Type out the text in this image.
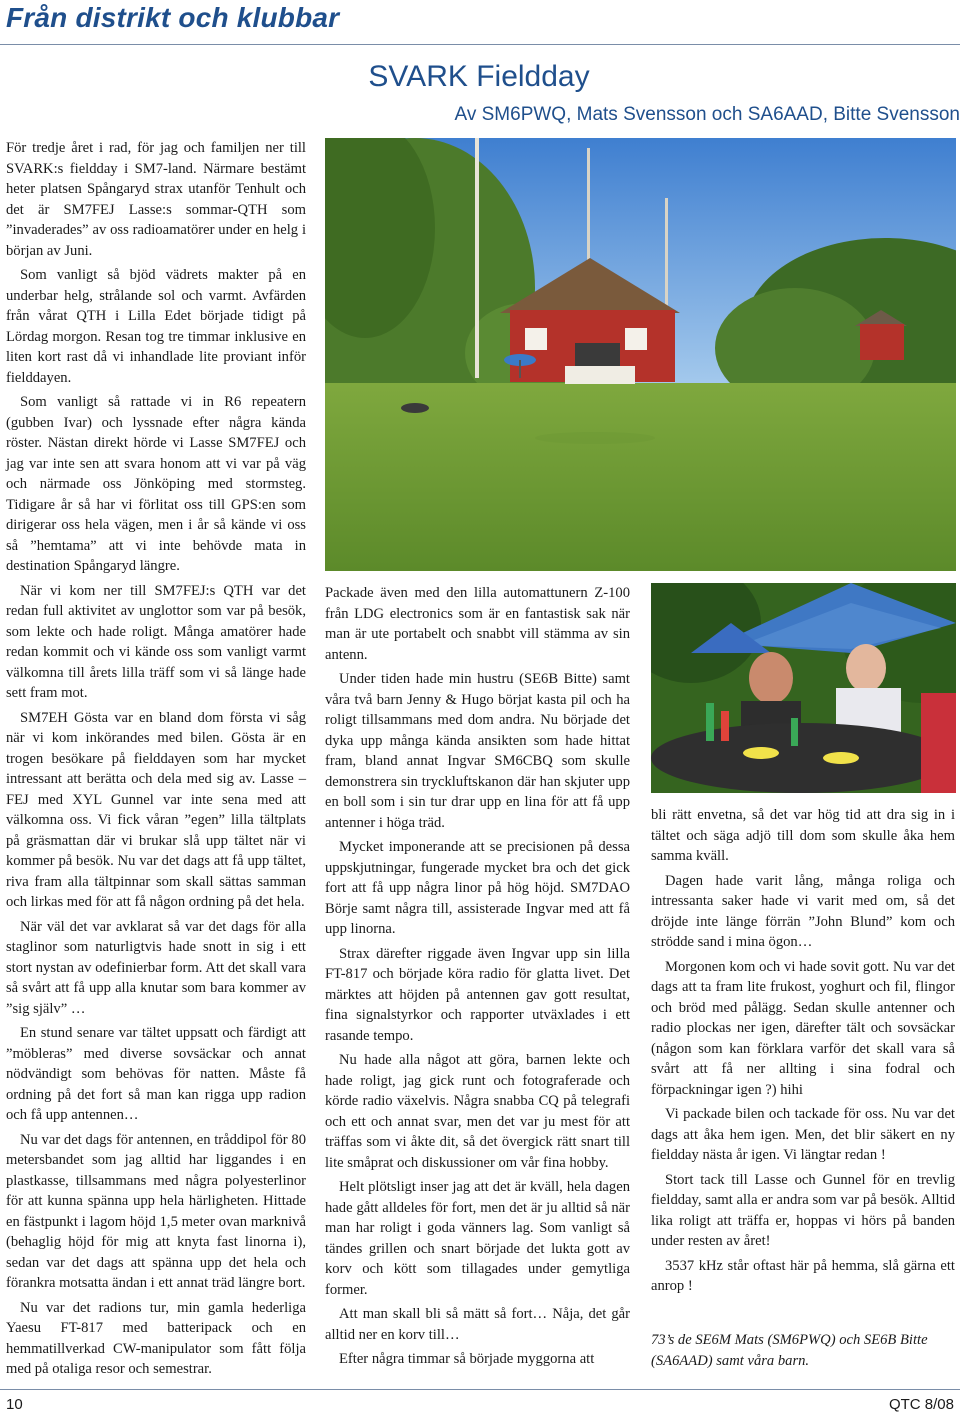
Från distrikt och klubbar
SVARK Fieldday
Av SM6PWQ, Mats Svensson och SA6AAD, Bitte Svensson

För tredje året i rad, för jag och familjen ner till SVARK:s fieldday i SM7-land. Närmare bestämt heter platsen Spångaryd strax utanför Tenhult och det är SM7FEJ Lasse:s sommar-QTH som ”invaderades” av oss radioamatörer under en helg i början av Juni.

Som vanligt så bjöd vädrets makter på en underbar helg, strålande sol och varmt. Avfärden från vårat QTH i Lilla Edet började tidigt på Lördag morgon. Resan tog tre timmar inklusive en liten kort rast då vi inhandlade lite proviant inför fielddayen.

Som vanligt så rattade vi in R6 repeatern (gubben Ivar) och lyssnade efter några kända röster. Nästan direkt hörde vi Lasse SM7FEJ och jag var inte sen att svara honom att vi var på väg och närmade oss Jönköping med stormsteg. Tidigare år så har vi förlitat oss till GPS:en som dirigerar oss hela vägen, men i år så kände vi oss så ”hemtama” att vi inte behövde mata in destination Spångaryd längre.

När vi kom ner till SM7FEJ:s QTH var det redan full aktivitet av unglottor som var på besök, som lekte och hade roligt. Många amatörer hade redan kommit och vi kände oss som vanligt varmt välkomna till årets lilla träff som vi så länge hade sett fram mot.

SM7EH Gösta var en bland dom första vi såg när vi kom inkörandes med bilen. Gösta är en trogen besökare på fielddayen som har mycket intressant att berätta och dela med sig av. Lasse –FEJ med XYL Gunnel var inte sena med att välkomna oss. Vi fick våran ”egen” lilla tältplats på gräsmattan där vi brukar slå upp tältet när vi kommer på besök. Nu var det dags att få upp tältet, riva fram alla tältpinnar som skall sättas samman och lirkas med för att få någon ordning på det hela.

När väl det var avklarat så var det dags för alla staglinor som naturligtvis hade snott in sig i ett stort nystan av odefinierbar form. Att det skall vara så svårt att få upp alla knutar som bara kommer av ”sig själv” …

En stund senare var tältet uppsatt och färdigt att ”möbleras” med diverse sovsäckar och annat nödvändigt som behövas för natten. Måste få ordning på det fort så man kan rigga upp radion och få upp antennen…

Nu var det dags för antennen, en tråddipol för 80 metersbandet som jag alltid har liggandes i en plastkasse, tillsammans med några polyesterlinor för att kunna spänna upp hela härligheten. Hittade en fästpunkt i lagom höjd 1,5 meter ovan marknivå (behaglig höjd för mig att knyta fast linorna i), sedan var det dags att spänna upp det hela och förankra motsatta ändan i ett annat träd längre bort.

Nu var det radions tur, min gamla hederliga Yaesu FT-817 med batteripack och en hemmatillverkad CW-manipulator som fått följa med på otaliga resor och semestrar.

Packade även med den lilla automattunern Z-100 från LDG electronics som är en fantastisk sak när man är ute portabelt och snabbt vill stämma av sin antenn.

Under tiden hade min hustru (SE6B Bitte) samt våra två barn Jenny & Hugo börjat kasta pil och ha roligt tillsammans med dom andra. Nu började det dyka upp många kända ansikten som hade hittat fram, bland annat Ingvar SM6CBQ som skulle demonstrera sin tryckluftskanon där han skjuter upp en boll som i sin tur drar upp en lina för att få upp antenner i höga träd.

Mycket imponerande att se precisionen på dessa uppskjutningar, fungerade mycket bra och det gick fort att få upp några linor på hög höjd. SM7DAO Börje samt några till, assisterade Ingvar med att få upp linorna.

Strax därefter riggade även Ingvar upp sin lilla FT-817 och började köra radio för glatta livet. Det märktes att höjden på antennen gav gott resultat, fina signalstyrkor och rapporter utväxlades i ett rasande tempo.

Nu hade alla något att göra, barnen lekte och hade roligt, jag gick runt och fotograferade och körde radio växelvis. Några snabba CQ på telegrafi och ett och annat svar, men det var ju mest för att träffas som vi åkte dit, så det övergick rätt snart till lite småprat och diskussioner om vår fina hobby.

Helt plötsligt inser jag att det är kväll, hela dagen hade gått alldeles för fort, men det är ju alltid så när man har roligt i goda vänners lag. Som vanligt så tändes grillen och snart började det lukta gott av korv och kött som tillagades under gemytliga former.

Att man skall bli så mätt så fort… Nåja, det går alltid ner en korv till…

Efter några timmar så började myggorna att

bli rätt envetna, så det var hög tid att dra sig in i tältet och säga adjö till dom som skulle åka hem samma kväll.

Dagen hade varit lång, många roliga och intressanta saker hade vi varit med om, så det dröjde inte länge förrän ”John Blund” kom och strödde sand i mina ögon…

Morgonen kom och vi hade sovit gott. Nu var det dags att ta fram lite frukost, yoghurt och fil, flingor och bröd med pålägg. Sedan skulle antenner och radio plockas ner igen, därefter tält och sovsäckar (någon som kan förklara varför det skall vara så svårt att få ner allting i sina fodral och förpackningar igen ?) hihi

Vi packade bilen och tackade för oss. Nu var det dags att åka hem igen. Men, det blir säkert en ny fieldday nästa år igen. Vi längtar redan !

Stort tack till Lasse och Gunnel för en trevlig fieldday, samt alla er andra som var på besök. Alltid lika roligt att träffa er, hoppas vi hörs på banden under resten av året!

3537 kHz står oftast här på hemma, slå gärna ett anrop !

73’s de SE6M Mats (SM6PWQ) och SE6B Bitte (SA6AAD) samt våra barn.
10	QTC 8/08
